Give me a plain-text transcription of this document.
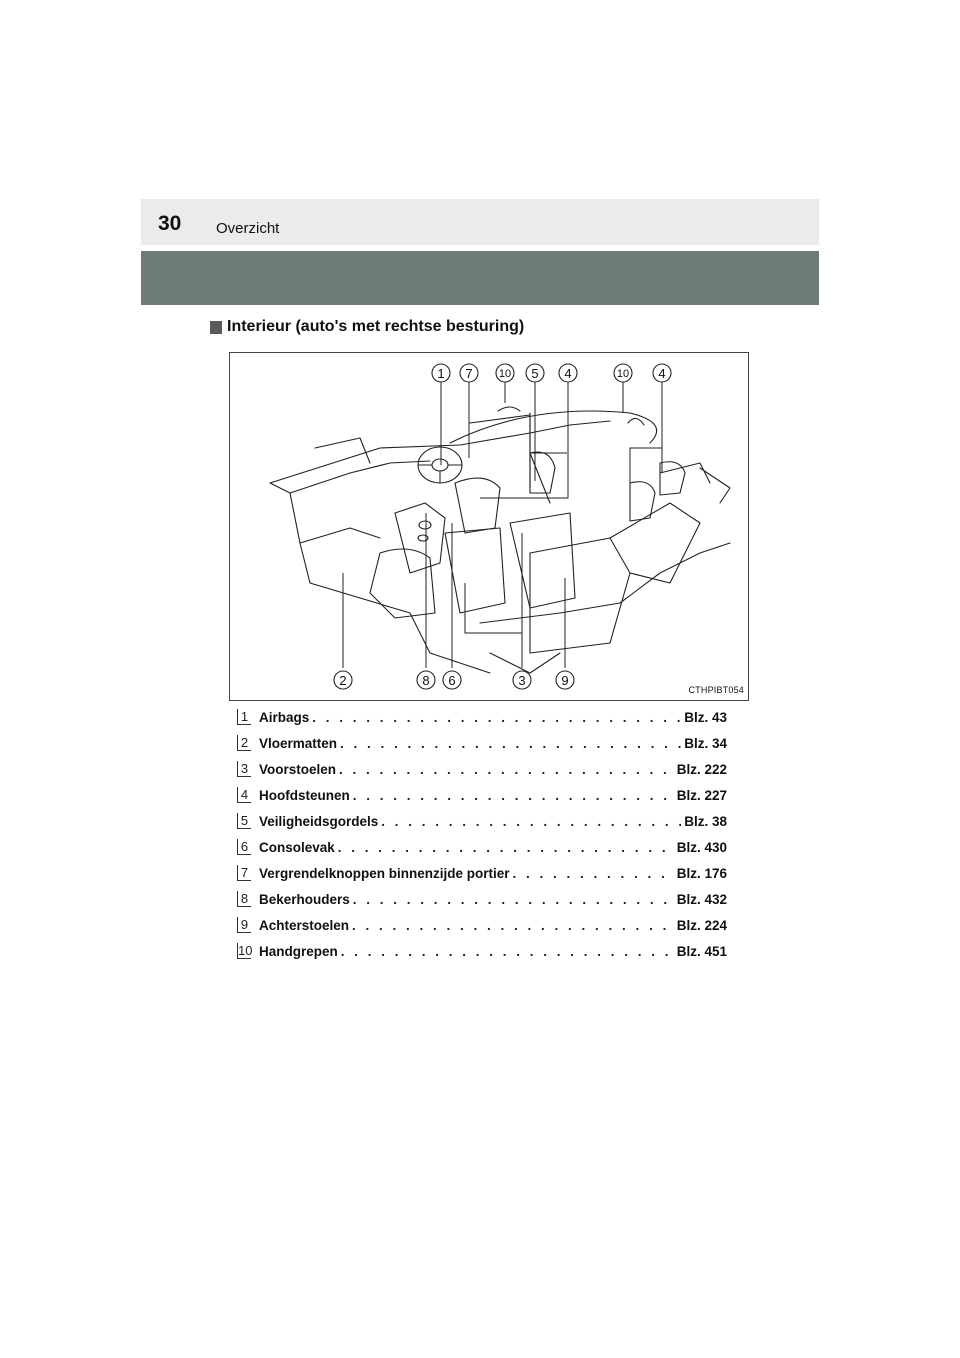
30 Overzicht
Interieur (auto's met rechtse besturing)
1 7 10 5 4	10 4
2	8 6	3	9
CTHPIBT054
1 Airbags . . .	Blz. 43
2 Vloermatten . . .	Blz. 34
3 Voorstoelen . . .	Blz. 222
4 Hoofdsteunen . . .	Blz. 227
5 Veiligheidsgordels . . .	Blz. 38
6 Consolevak . . .	Blz. 430
7 Vergrendelknoppen binnenzijde portier . . .	Blz. 176
8 Bekerhouders . . .	Blz. 432
9 Achterstoelen . . .	Blz. 224
10 Handgrepen . . .	Blz. 451
